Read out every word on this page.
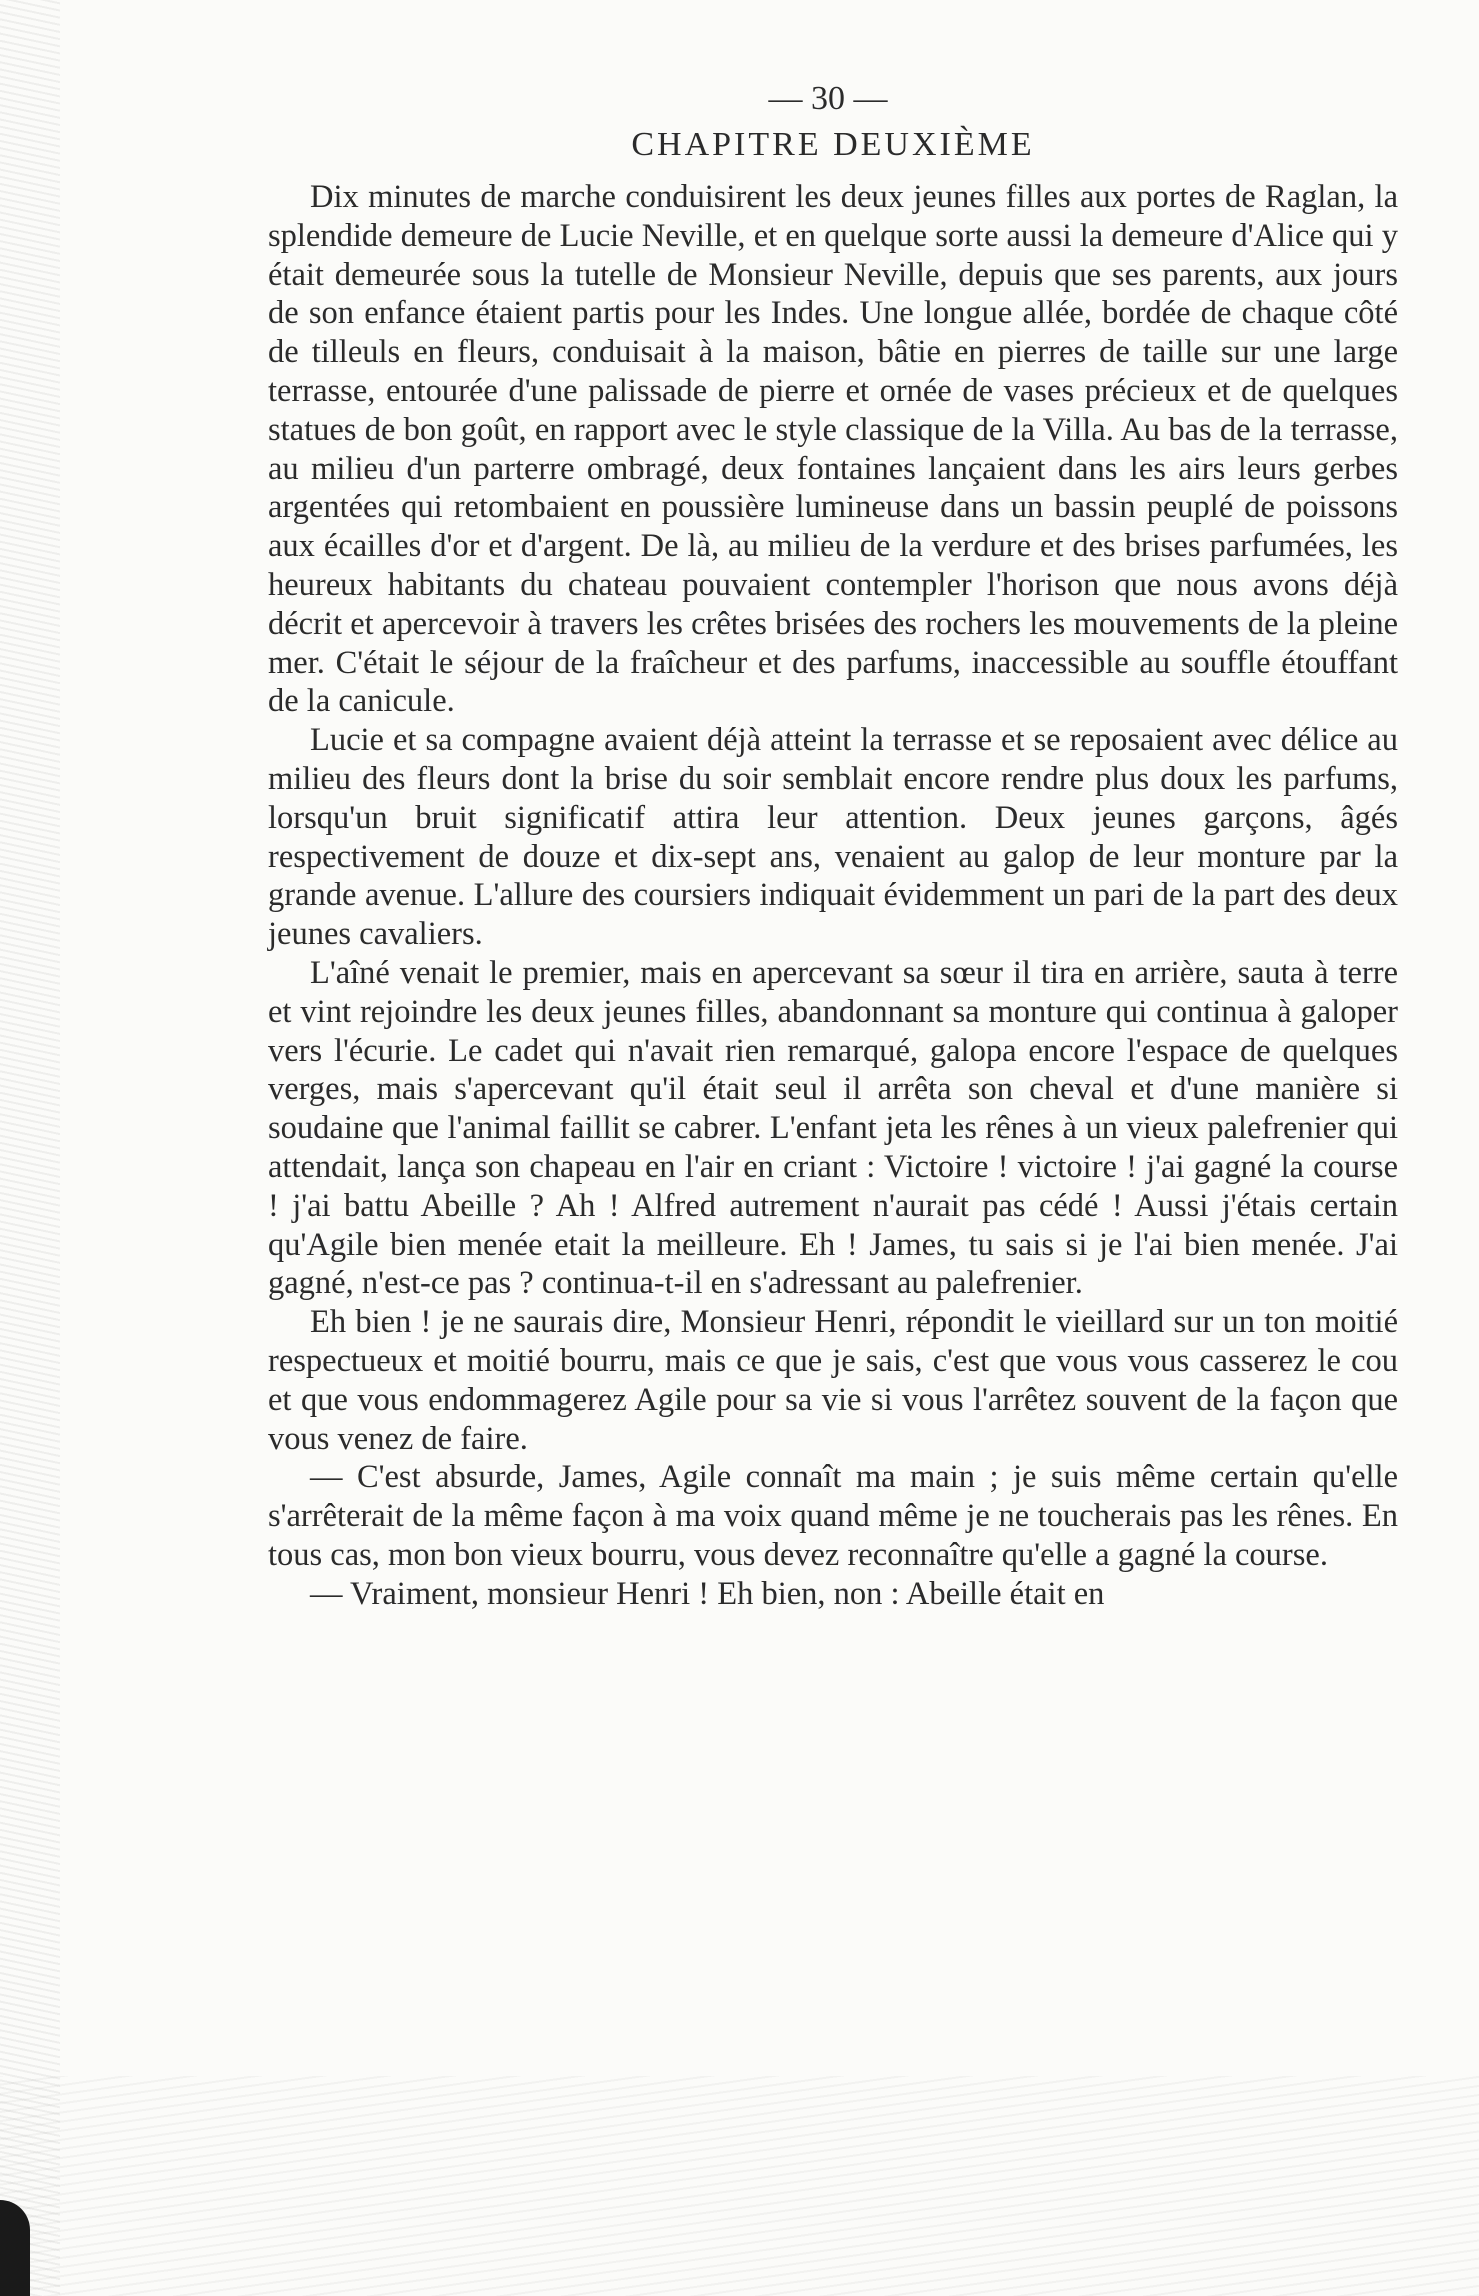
— 30 —
CHAPITRE DEUXIÈME

Dix minutes de marche conduisirent les deux jeunes filles aux portes de Raglan, la splendide demeure de Lucie Neville, et en quelque sorte aussi la demeure d'Alice qui y était demeurée sous la tutelle de Monsieur Neville, depuis que ses parents, aux jours de son enfance étaient partis pour les Indes. Une longue allée, bordée de chaque côté de tilleuls en fleurs, conduisait à la maison, bâtie en pierres de taille sur une large terrasse, entourée d'une palissade de pierre et ornée de vases précieux et de quelques statues de bon goût, en rapport avec le style classique de la Villa. Au bas de la terrasse, au milieu d'un parterre ombragé, deux fontaines lançaient dans les airs leurs gerbes argentées qui retombaient en poussière lumineuse dans un bassin peuplé de poissons aux écailles d'or et d'argent. De là, au milieu de la verdure et des brises parfumées, les heureux habitants du chateau pouvaient contempler l'horison que nous avons déjà décrit et apercevoir à travers les crêtes brisées des rochers les mouvements de la pleine mer. C'était le séjour de la fraîcheur et des parfums, inaccessible au souffle étouffant de la canicule.

Lucie et sa compagne avaient déjà atteint la terrasse et se reposaient avec délice au milieu des fleurs dont la brise du soir semblait encore rendre plus doux les parfums, lorsqu'un bruit significatif attira leur attention. Deux jeunes garçons, âgés respectivement de douze et dix-sept ans, venaient au galop de leur monture par la grande avenue. L'allure des coursiers indiquait évidemment un pari de la part des deux jeunes cavaliers.

L'aîné venait le premier, mais en apercevant sa sœur il tira en arrière, sauta à terre et vint rejoindre les deux jeunes filles, abandonnant sa monture qui continua à galoper vers l'écurie. Le cadet qui n'avait rien remarqué, galopa encore l'espace de quelques verges, mais s'apercevant qu'il était seul il arrêta son cheval et d'une manière si soudaine que l'animal faillit se cabrer. L'enfant jeta les rênes à un vieux palefrenier qui attendait, lança son chapeau en l'air en criant : Victoire ! victoire ! j'ai gagné la course ! j'ai battu Abeille ? Ah ! Alfred autrement n'aurait pas cédé ! Aussi j'étais certain qu'Agile bien menée etait la meilleure. Eh ! James, tu sais si je l'ai bien menée. J'ai gagné, n'est-ce pas ? continua-t-il en s'adressant au palefrenier.

Eh bien ! je ne saurais dire, Monsieur Henri, répondit le vieillard sur un ton moitié respectueux et moitié bourru, mais ce que je sais, c'est que vous vous casserez le cou et que vous endommagerez Agile pour sa vie si vous l'arrêtez souvent de la façon que vous venez de faire.

— C'est absurde, James, Agile connaît ma main ; je suis même certain qu'elle s'arrêterait de la même façon à ma voix quand même je ne toucherais pas les rênes. En tous cas, mon bon vieux bourru, vous devez reconnaître qu'elle a gagné la course.

— Vraiment, monsieur Henri ! Eh bien, non : Abeille était en
